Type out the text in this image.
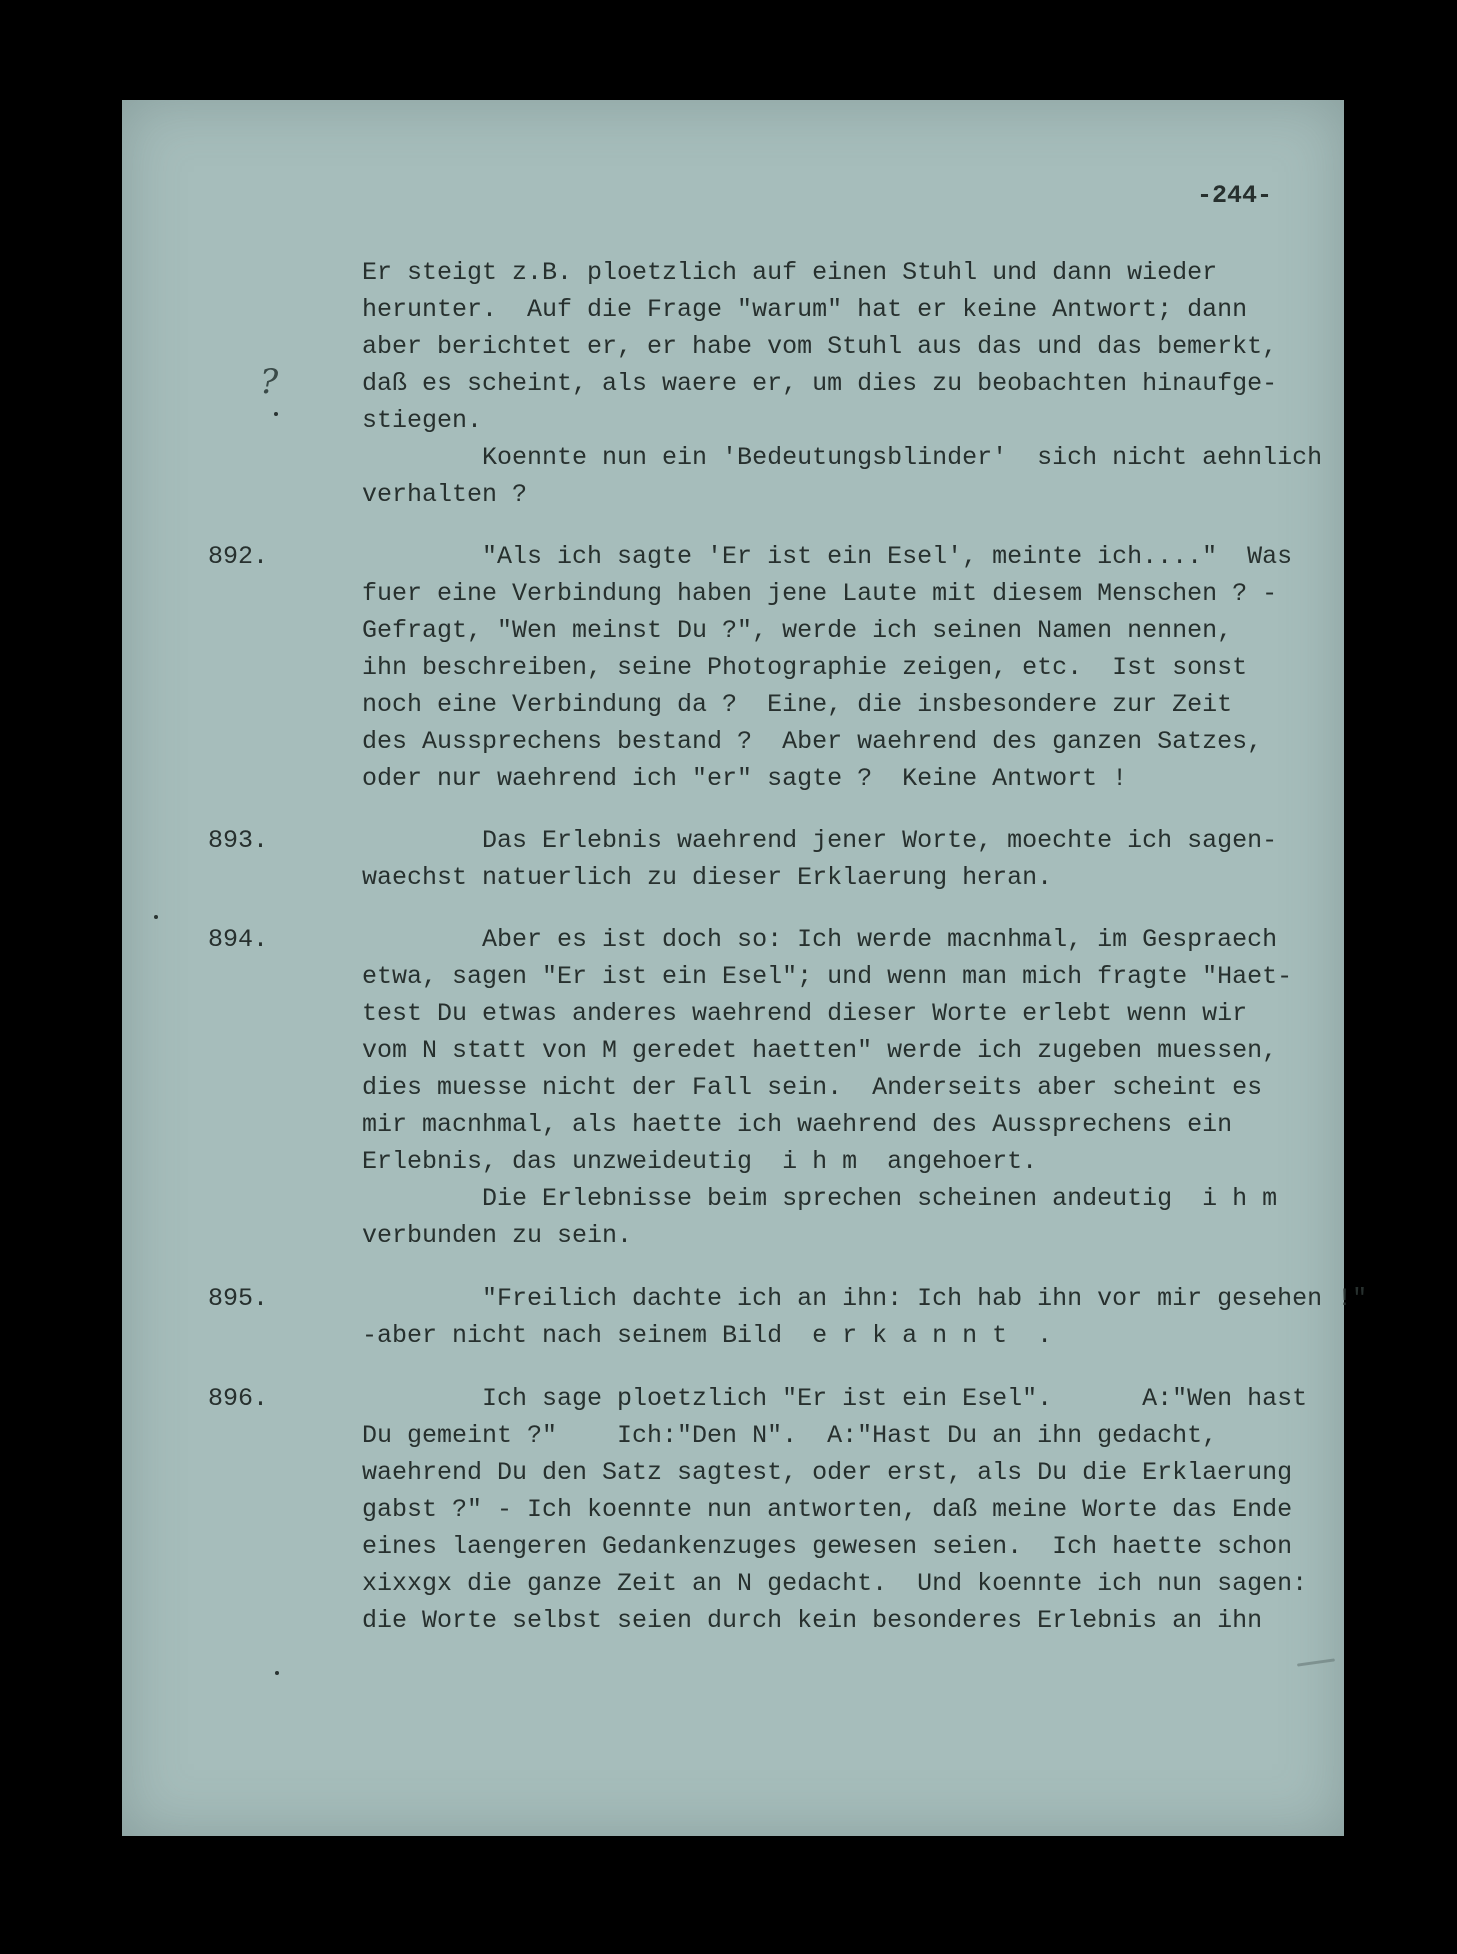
-244-
?
Er steigt z.B. ploetzlich auf einen Stuhl und dann wieder
herunter.  Auf die Frage "warum" hat er keine Antwort; dann
aber berichtet er, er habe vom Stuhl aus das und das bemerkt,
daß es scheint, als waere er, um dies zu beobachten hinaufge-
stiegen.
Koennte nun ein 'Bedeutungsblinder'  sich nicht aehnlich
verhalten ?
892.	"Als ich sagte 'Er ist ein Esel', meinte ich...."  Was
fuer eine Verbindung haben jene Laute mit diesem Menschen ? -
Gefragt, "Wen meinst Du ?", werde ich seinen Namen nennen,
ihn beschreiben, seine Photographie zeigen, etc.  Ist sonst
noch eine Verbindung da ?  Eine, die insbesondere zur Zeit
des Aussprechens bestand ?  Aber waehrend des ganzen Satzes,
oder nur waehrend ich "er" sagte ?  Keine Antwort !
893.	Das Erlebnis waehrend jener Worte, moechte ich sagen-
waechst natuerlich zu dieser Erklaerung heran.
894.	Aber es ist doch so: Ich werde macnhmal, im Gespraech
etwa, sagen "Er ist ein Esel"; und wenn man mich fragte "Haet-
test Du etwas anderes waehrend dieser Worte erlebt wenn wir
vom N statt von M geredet haetten" werde ich zugeben muessen,
dies muesse nicht der Fall sein.  Anderseits aber scheint es
mir macnhmal, als haette ich waehrend des Aussprechens ein
Erlebnis, das unzweideutig  i h m  angehoert.
Die Erlebnisse beim sprechen scheinen andeutig  i h m
verbunden zu sein.
895.	"Freilich dachte ich an ihn: Ich hab ihn vor mir gesehen !"
-aber nicht nach seinem Bild  e r k a n n t  .
896.	Ich sage ploetzlich "Er ist ein Esel".      A:"Wen hast
Du gemeint ?"    Ich:"Den N".  A:"Hast Du an ihn gedacht,
waehrend Du den Satz sagtest, oder erst, als Du die Erklaerung
gabst ?" - Ich koennte nun antworten, daß meine Worte das Ende
eines laengeren Gedankenzuges gewesen seien.  Ich haette schon
xixxgx die ganze Zeit an N gedacht.  Und koennte ich nun sagen:
die Worte selbst seien durch kein besonderes Erlebnis an ihn
